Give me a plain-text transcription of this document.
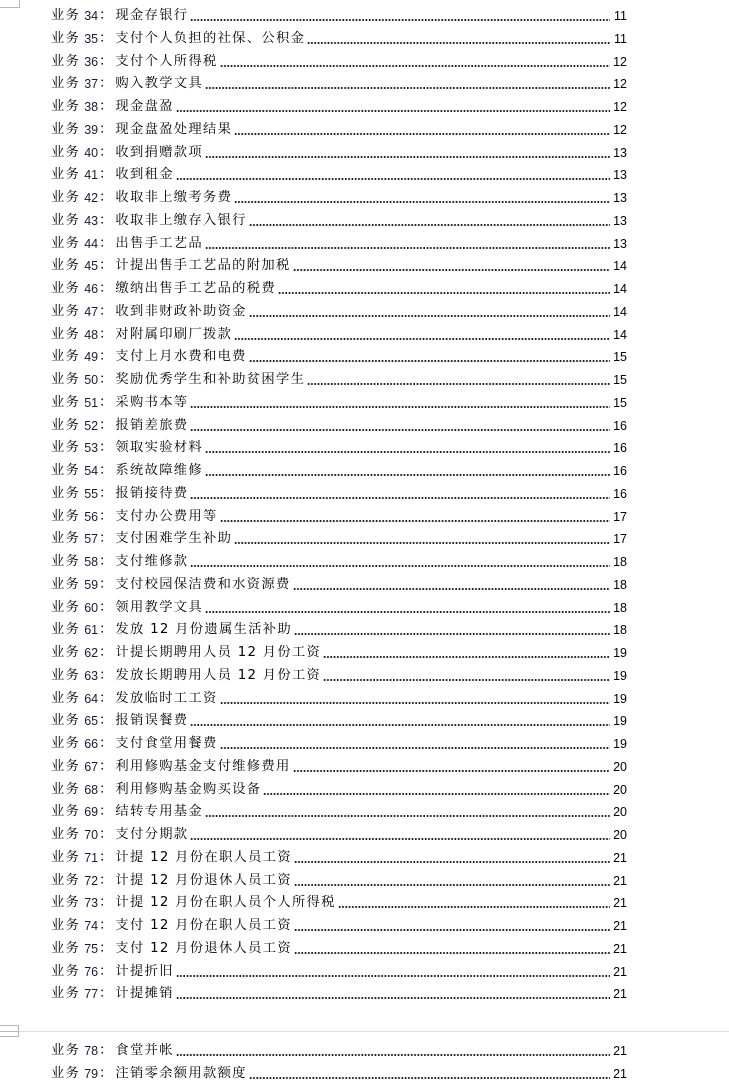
业务 34 ： 现金存银行	11
业务 35 ： 支付个人负担的社保、公积金	11
业务 36 ： 支付个人所得税	12
业务 37 ： 购入教学文具	12
业务 38 ： 现金盘盈	12
业务 39 ： 现金盘盈处理结果	12
业务 40 ： 收到捐赠款项	13
业务 41 ： 收到租金	13
业务 42 ： 收取非上缴考务费	13
业务 43 ： 收取非上缴存入银行	13
业务 44 ： 出售手工艺品	13
业务 45 ： 计提出售手工艺品的附加税	14
业务 46 ： 缴纳出售手工艺品的税费	14
业务 47 ： 收到非财政补助资金	14
业务 48 ： 对附属印刷厂拨款	14
业务 49 ： 支付上月水费和电费	15
业务 50 ： 奖励优秀学生和补助贫困学生	15
业务 51 ： 采购书本等	15
业务 52 ： 报销差旅费	16
业务 53 ： 领取实验材料	16
业务 54 ： 系统故障维修	16
业务 55 ： 报销接待费	16
业务 56 ： 支付办公费用等	17
业务 57 ： 支付困难学生补助	17
业务 58 ： 支付维修款	18
业务 59 ： 支付校园保洁费和水资源费	18
业务 60 ： 领用教学文具	18
业务 61 ： 发放 12 月份遗属生活补助	18
业务 62 ： 计提长期聘用人员 12 月份工资	19
业务 63 ： 发放长期聘用人员 12 月份工资	19
业务 64 ： 发放临时工工资	19
业务 65 ： 报销误餐费	19
业务 66 ： 支付食堂用餐费	19
业务 67 ： 利用修购基金支付维修费用	20
业务 68 ： 利用修购基金购买设备	20
业务 69 ： 结转专用基金	20
业务 70 ： 支付分期款	20
业务 71 ： 计提 12 月份在职人员工资	21
业务 72 ： 计提 12 月份退休人员工资	21
业务 73 ： 计提 12 月份在职人员个人所得税	21
业务 74 ： 支付 12 月份在职人员工资	21
业务 75 ： 支付 12 月份退休人员工资	21
业务 76 ： 计提折旧	21
业务 77 ： 计提摊销	21
业务 78 ： 食堂并帐	21
业务 79 ： 注销零余额用款额度	21
